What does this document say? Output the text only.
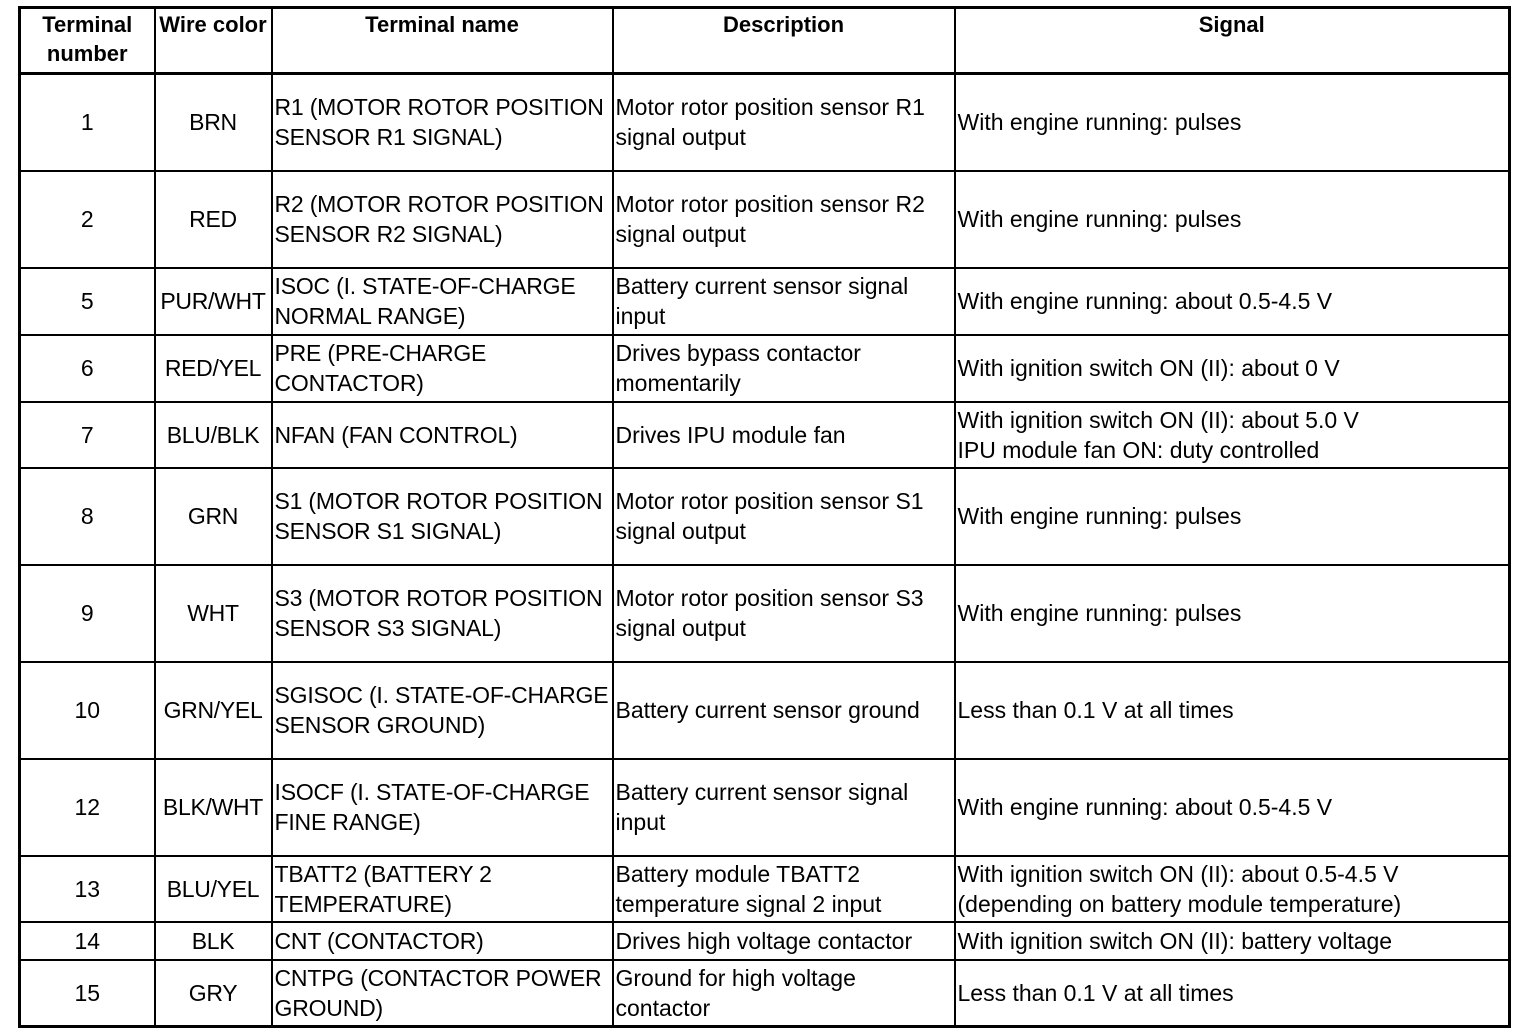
Terminal number	Wire color	Terminal name	Description	Signal
1	BRN	R1 (MOTOR ROTOR POSITION SENSOR R1 SIGNAL)	Motor rotor position sensor R1 signal output	With engine running: pulses

2	RED	R2 (MOTOR ROTOR POSITION SENSOR R2 SIGNAL)	Motor rotor position sensor R2 signal output	With engine running: pulses

5	PUR/WHT	ISOC (I. STATE-OF-CHARGE NORMAL RANGE)	Battery current sensor signal input	With engine running: about 0.5-4.5 V

6	RED/YEL	PRE (PRE-CHARGE CONTACTOR)	Drives bypass contactor momentarily	With ignition switch ON (II): about 0 V

7	BLU/BLK	NFAN (FAN CONTROL)	Drives IPU module fan	With ignition switch ON (II): about 5.0 V
IPU module fan ON: duty controlled

8	GRN	S1 (MOTOR ROTOR POSITION SENSOR S1 SIGNAL)	Motor rotor position sensor S1 signal output	With engine running: pulses

9	WHT	S3 (MOTOR ROTOR POSITION SENSOR S3 SIGNAL)	Motor rotor position sensor S3 signal output	With engine running: pulses

10	GRN/YEL	SGISOC (I. STATE-OF-CHARGE SENSOR GROUND)	Battery current sensor ground	Less than 0.1 V at all times

12	BLK/WHT	ISOCF (I. STATE-OF-CHARGE FINE RANGE)	Battery current sensor signal input	With engine running: about 0.5-4.5 V

13	BLU/YEL	TBATT2 (BATTERY 2 TEMPERATURE)	Battery module TBATT2 temperature signal 2 input	With ignition switch ON (II): about 0.5-4.5 V
(depending on battery module temperature)

14	BLK	CNT (CONTACTOR)	Drives high voltage contactor	With ignition switch ON (II): battery voltage

15	GRY	CNTPG (CONTACTOR POWER GROUND)	Ground for high voltage contactor	Less than 0.1 V at all times
